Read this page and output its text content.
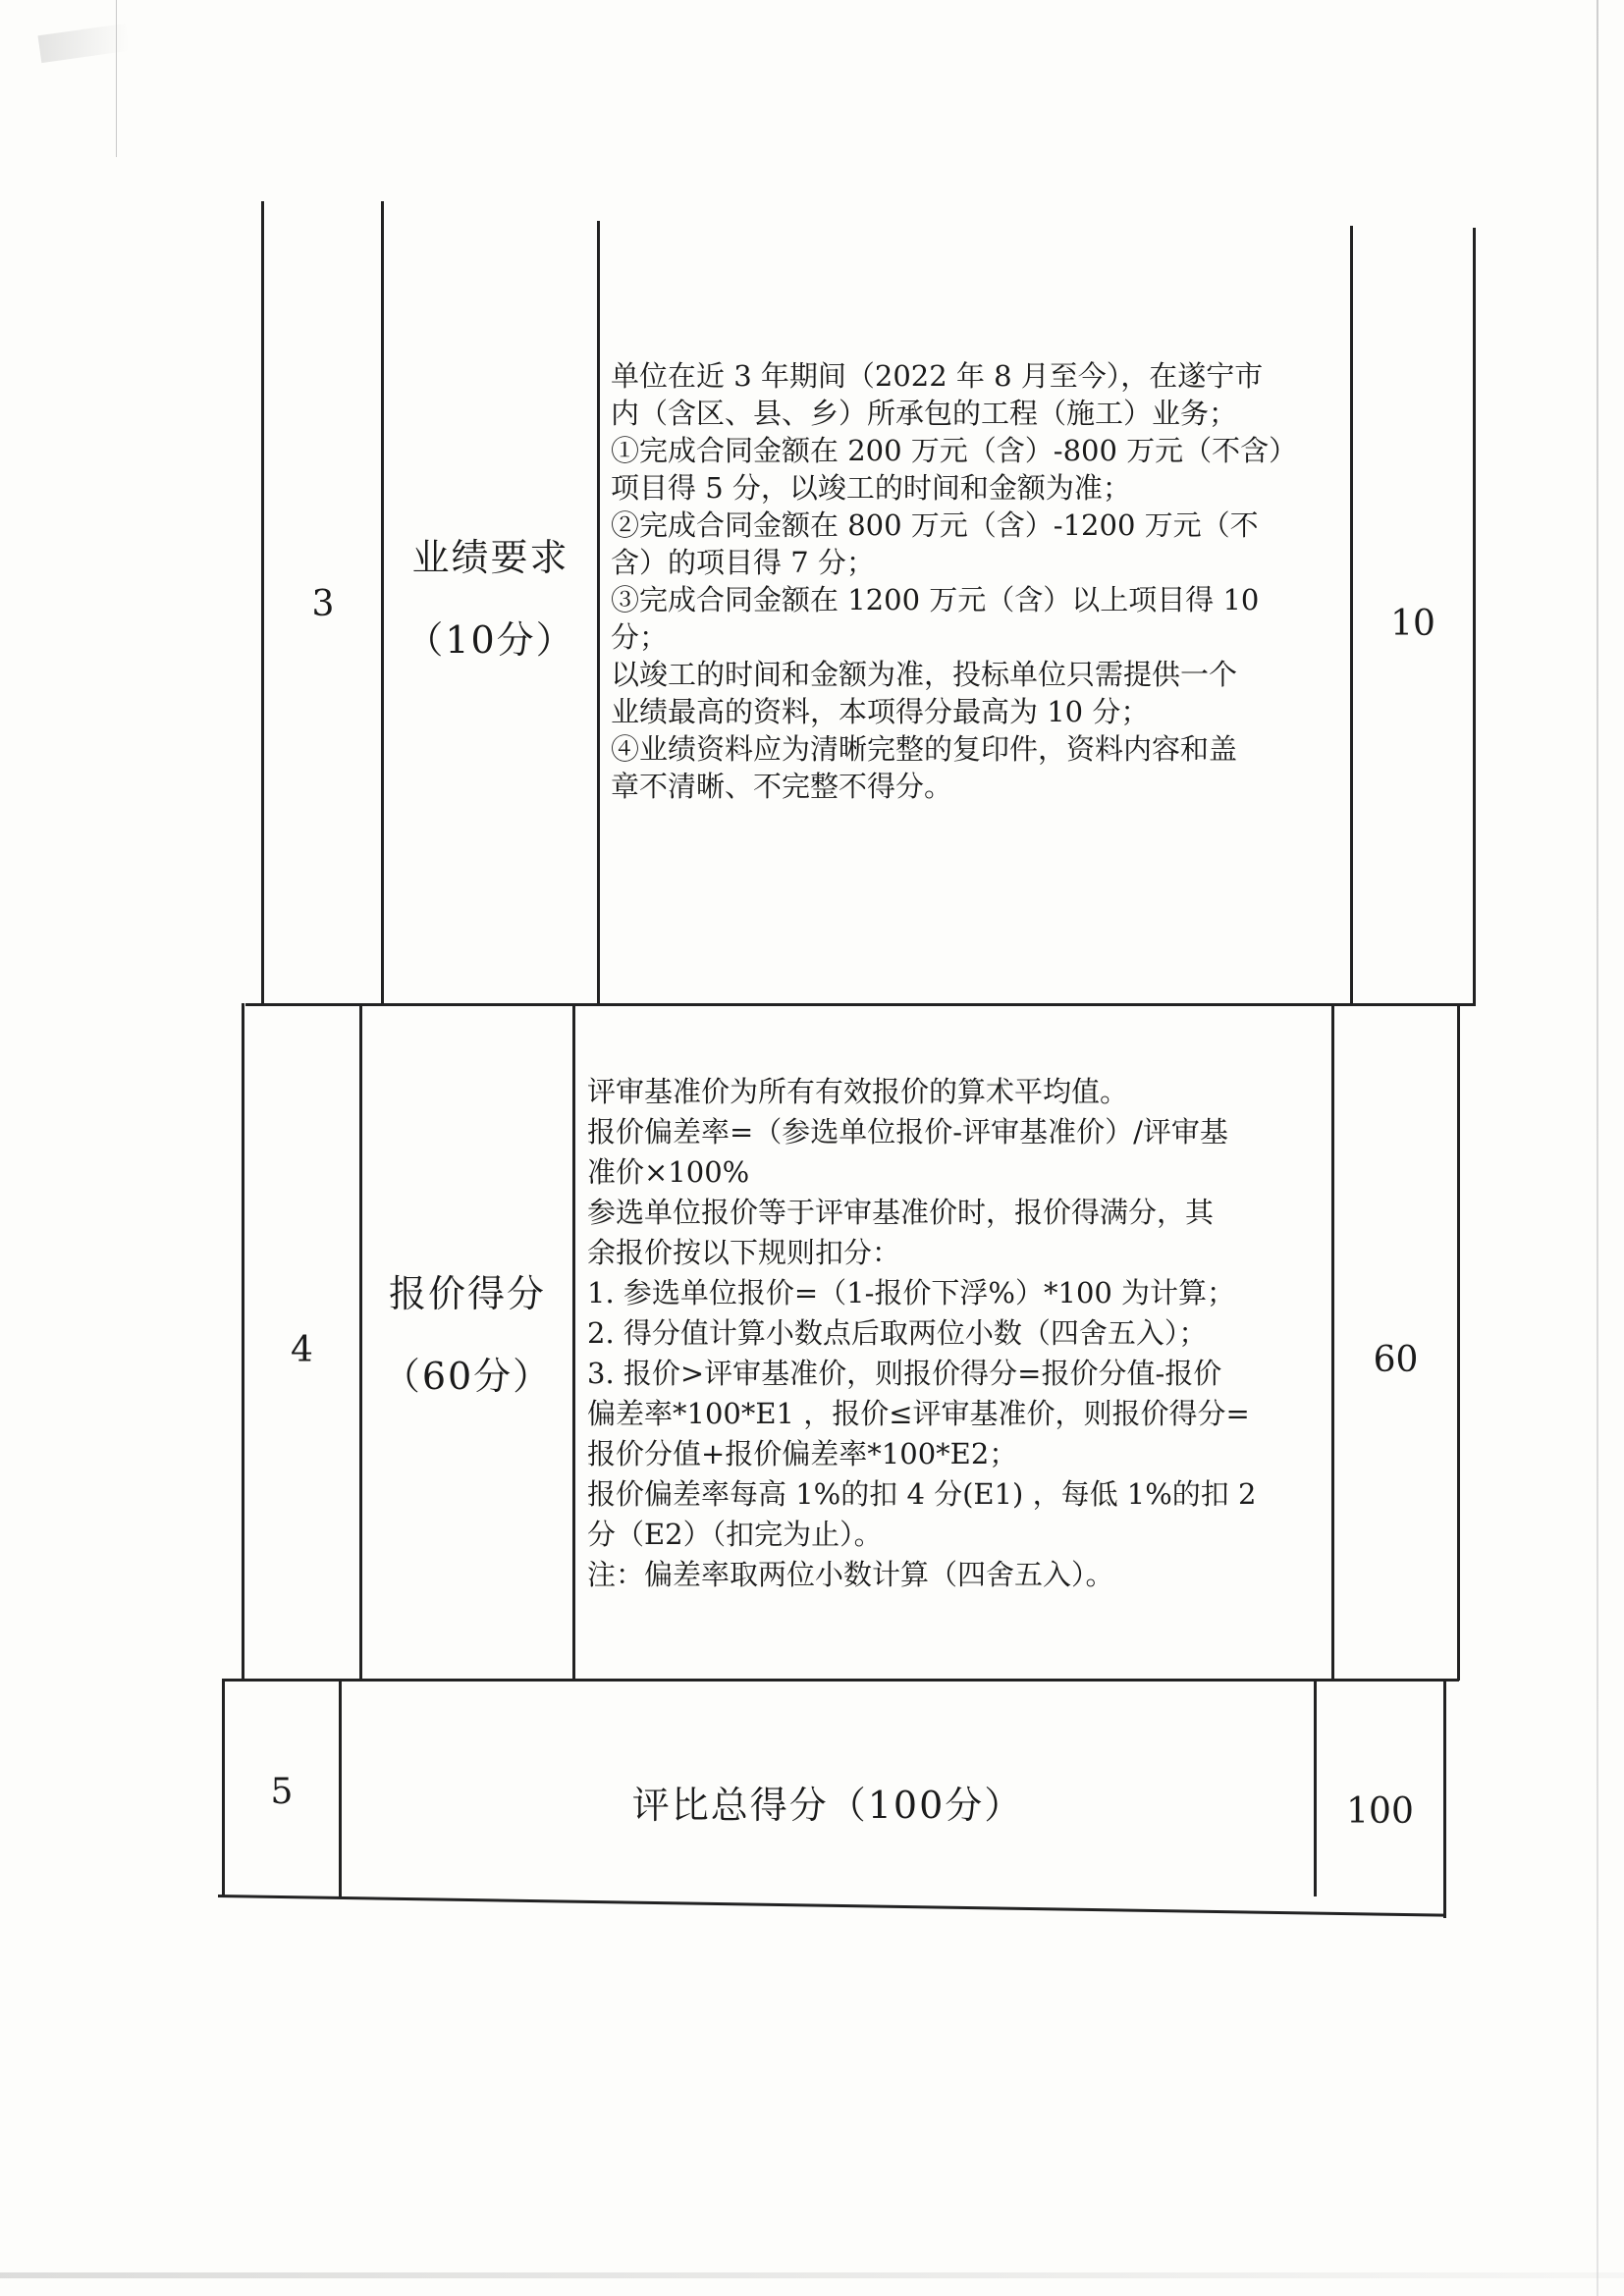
3
业绩要求
（10分）

单位在近 3 年期间（2022 年 8 月至今），在遂宁市

内（含区、县、乡）所承包的工程（施工）业务；

①完成合同金额在 200 万元（含）-800 万元（不含）

项目得 5 分，以竣工的时间和金额为准；

②完成合同金额在 800 万元（含）-1200 万元（不

含）的项目得 7 分；

③完成合同金额在 1200 万元（含）以上项目得 10

分；

以竣工的时间和金额为准，投标单位只需提供一个

业绩最高的资料，本项得分最高为 10 分；

④业绩资料应为清晰完整的复印件，资料内容和盖

章不清晰、不完整不得分。

10
4
报价得分
（60分）

评审基准价为所有有效报价的算术平均值。

报价偏差率=（参选单位报价-评审基准价）/评审基

准价×100%

参选单位报价等于评审基准价时，报价得满分，其

余报价按以下规则扣分：

1. 参选单位报价=（1-报价下浮%）*100 为计算；

2. 得分值计算小数点后取两位小数（四舍五入）；

3. 报价>评审基准价，则报价得分=报价分值-报价

偏差率*100*E1 ，报价≤评审基准价，则报价得分=

报价分值+报价偏差率*100*E2；

报价偏差率每高 1%的扣 4 分(E1) ，每低 1%的扣 2

分（E2）（扣完为止）。

注：偏差率取两位小数计算（四舍五入）。

60
5	评比总得分（100分）	100
